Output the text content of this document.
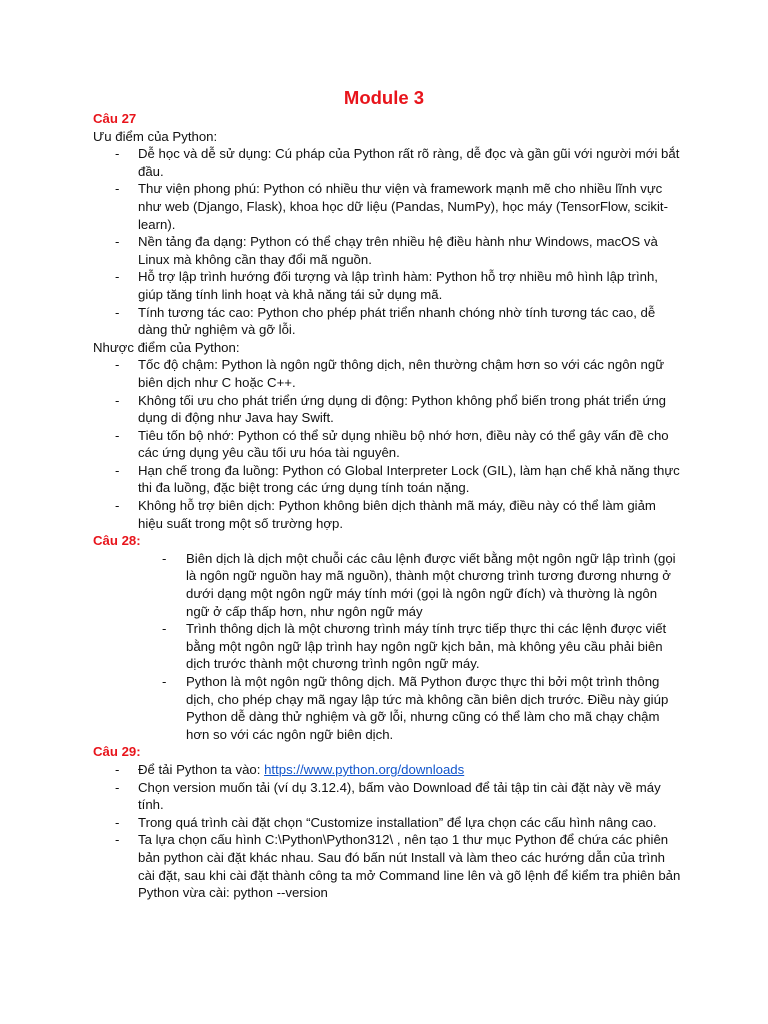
Module 3

Câu 27

Ưu điểm của Python:

- Dễ học và dễ sử dụng: Cú pháp của Python rất rõ ràng, dễ đọc và gần gũi với người mới bắt đầu.
- Thư viện phong phú: Python có nhiều thư viện và framework mạnh mẽ cho nhiều lĩnh vực như web (Django, Flask), khoa học dữ liệu (Pandas, NumPy), học máy (TensorFlow, scikit-learn).
- Nền tảng đa dạng: Python có thể chạy trên nhiều hệ điều hành như Windows, macOS và Linux mà không cần thay đổi mã nguồn.
- Hỗ trợ lập trình hướng đối tượng và lập trình hàm: Python hỗ trợ nhiều mô hình lập trình, giúp tăng tính linh hoạt và khả năng tái sử dụng mã.
- Tính tương tác cao: Python cho phép phát triển nhanh chóng nhờ tính tương tác cao, dễ dàng thử nghiệm và gỡ lỗi.

Nhược điểm của Python:

- Tốc độ chậm: Python là ngôn ngữ thông dịch, nên thường chậm hơn so với các ngôn ngữ biên dịch như C hoặc C++.
- Không tối ưu cho phát triển ứng dụng di động: Python không phổ biến trong phát triển ứng dụng di động như Java hay Swift.
- Tiêu tốn bộ nhớ: Python có thể sử dụng nhiều bộ nhớ hơn, điều này có thể gây vấn đề cho các ứng dụng yêu cầu tối ưu hóa tài nguyên.
- Hạn chế trong đa luồng: Python có Global Interpreter Lock (GIL), làm hạn chế khả năng thực thi đa luồng, đặc biệt trong các ứng dụng tính toán nặng.
- Không hỗ trợ biên dịch: Python không biên dịch thành mã máy, điều này có thể làm giảm hiệu suất trong một số trường hợp.

Câu 28:

- Biên dịch là dịch một chuỗi các câu lệnh được viết bằng một ngôn ngữ lập trình (gọi là ngôn ngữ nguồn hay mã nguồn), thành một chương trình tương đương nhưng ở dưới dạng một ngôn ngữ máy tính mới (gọi là ngôn ngữ đích) và thường là ngôn ngữ ở cấp thấp hơn, như ngôn ngữ máy
- Trình thông dịch là một chương trình máy tính trực tiếp thực thi các lệnh được viết bằng một ngôn ngữ lập trình hay ngôn ngữ kịch bản, mà không yêu cầu phải biên dịch trước thành một chương trình ngôn ngữ máy.
- Python là một ngôn ngữ thông dịch. Mã Python được thực thi bởi một trình thông dịch, cho phép chạy mã ngay lập tức mà không cần biên dịch trước. Điều này giúp Python dễ dàng thử nghiệm và gỡ lỗi, nhưng cũng có thể làm cho mã chạy chậm hơn so với các ngôn ngữ biên dịch.

Câu 29:

- Để tải Python ta vào: https://www.python.org/downloads
- Chọn version muốn tải (ví dụ 3.12.4), bấm vào Download để tải tập tin cài đặt này về máy tính.
- Trong quá trình cài đặt chọn “Customize installation” để lựa chọn các cấu hình nâng cao.
- Ta lựa chọn cấu hình C:\Python\Python312\ , nên tạo 1 thư mục Python để chứa các phiên bản python cài đặt khác nhau. Sau đó bấn nút Install và làm theo các hướng dẫn của trình cài đặt, sau khi cài đặt thành công ta mở Command line lên và gõ lệnh để kiểm tra phiên bản Python vừa cài: python --version
